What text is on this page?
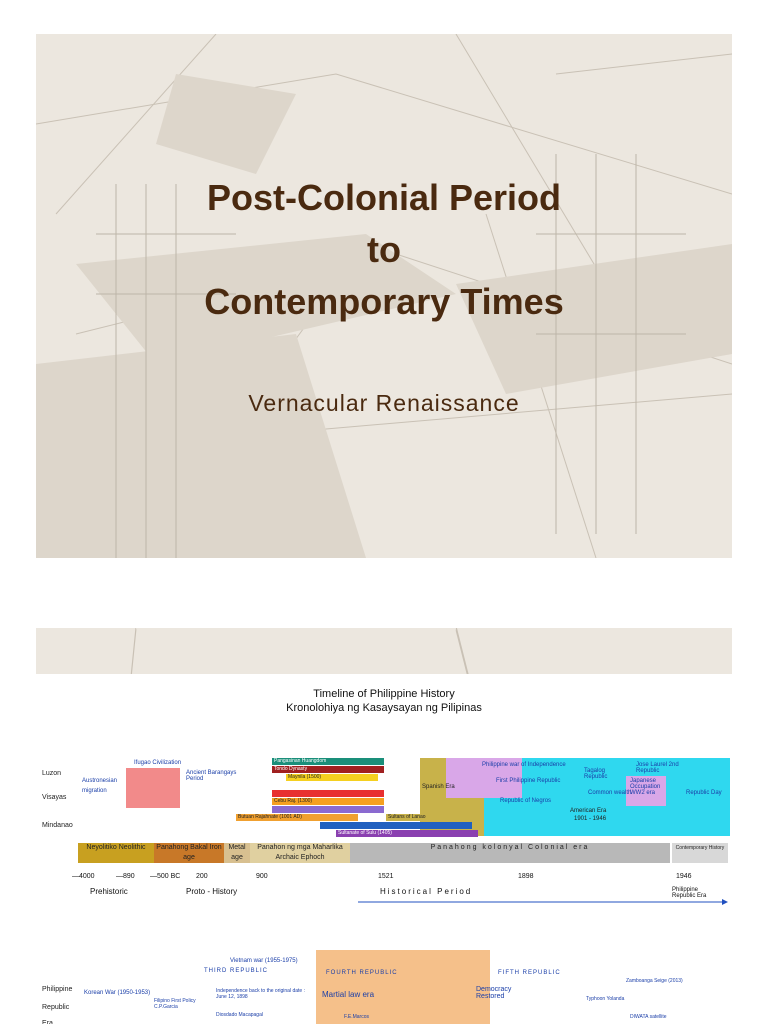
Post-Colonial Period
to
Contemporary Times
Vernacular Renaissance
Timeline of Philippine History
Kronolohiya ng Kasaysayan ng Pilipinas
Luzon
Visayas
Mindanao
Austronesian
migration
Ifugao Civilization
Ancient Barangays Period
Pangasinan Huangdom
Tondo Dynasty
Maynila (1500)
Cebu Raj. (1300)
Butuan Rajahnate (1001 AD)
Sultanate of Sulu (1405)
Sultans of Lanao
Spanish Era
Philippine war of Independence
First Philippine Republic
Republic of Negros
Tagalog Republic
Common wealth
American Era
1901 - 1946
Japanese Occupation WW2 era
Jose Laurel 2nd Republic
Republic Day
Neyolitiko Neolithic	Panahong Bakal Iron age
Metal age
Panahon ng mga Maharlika Archaic Ephoch
Panahong kolonyal Colonial era	Contemporary History
—4000	—890 —500 BC 200	900	1521	1898	1946
Prehistoric	Proto - History	Historical Period	Philippine Republic Era
Philippine
Republic
Era
Korean War (1950-1953)
Vietnam war (1955-1975)
THIRD REPUBLIC	FOURTH REPUBLIC	FIFTH REPUBLIC
Martial law era
Democracy Restored
Independence back to the original date : June 12, 1898
Filipino First Policy C.P.Garcia
Diosdado Macapagal
Zamboanga Seige (2013)
Typhoon Yolanda
DIWATA satellite
F.E.Marcos
